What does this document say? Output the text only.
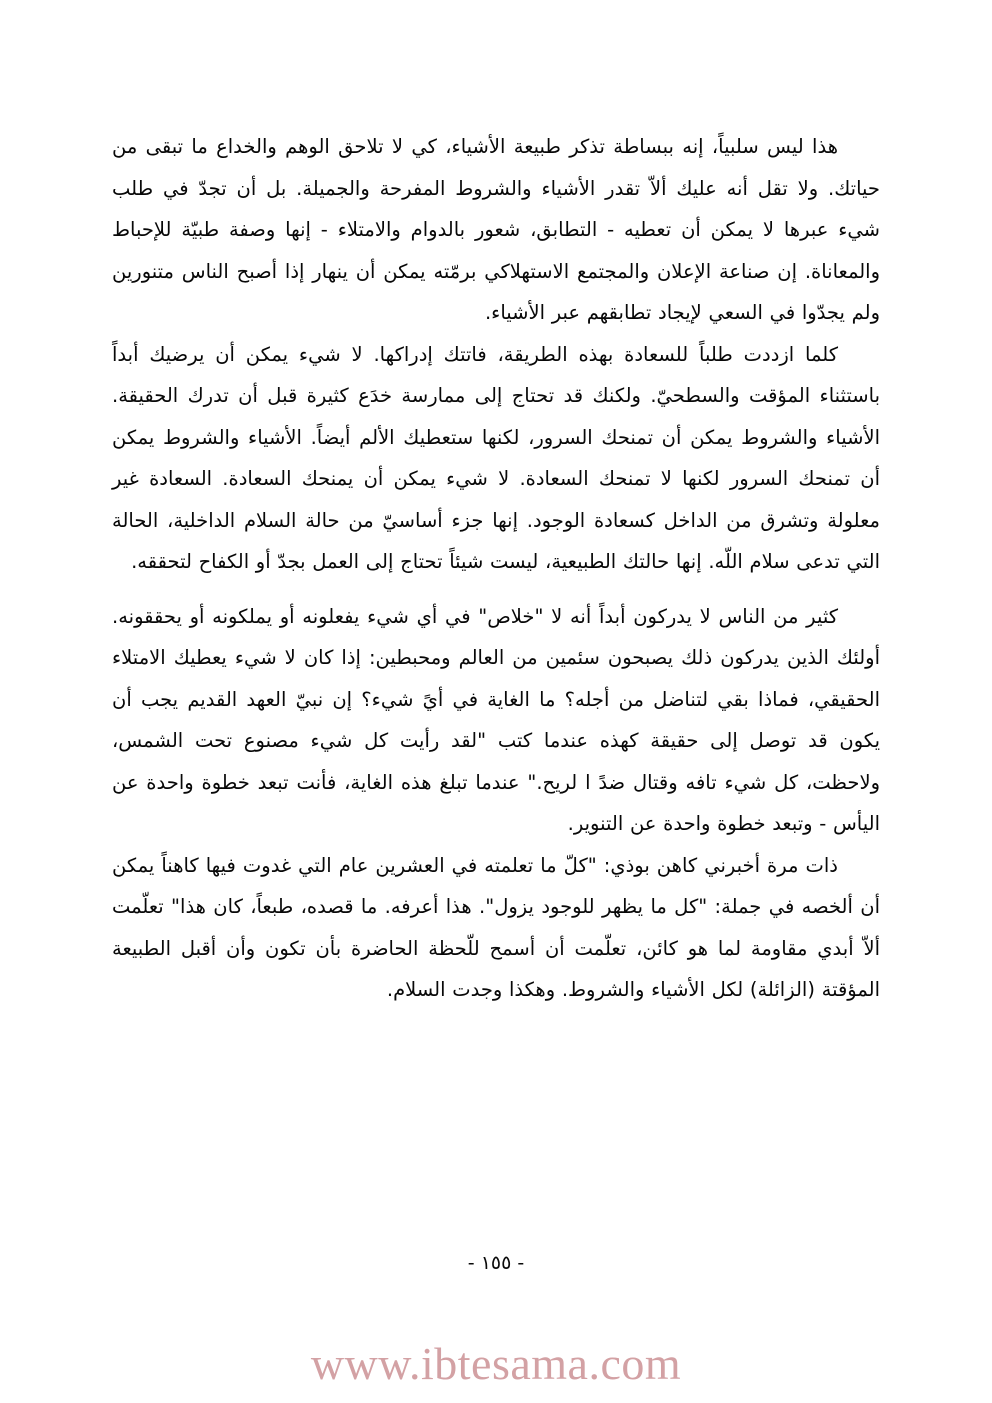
هذا ليس سلبياً، إنه ببساطة تذكر طبيعة الأشياء، كي لا تلاحق الوهم والخداع ما تبقى من حياتك. ولا تقل أنه عليك ألاّ تقدر الأشياء والشروط المفرحة والجميلة. بل أن تجدّ في طلب شيء عبرها لا يمكن أن تعطيه - التطابق، شعور بالدوام والامتلاء - إنها وصفة طبيّة للإحباط والمعاناة. إن صناعة الإعلان والمجتمع الاستهلاكي برمّته يمكن أن ينهار إذا أصبح الناس متنورين ولم يجدّوا في السعي لإيجاد تطابقهم عبر الأشياء.

كلما ازددت طلباً للسعادة بهذه الطريقة، فاتتك إدراكها. لا شيء يمكن أن يرضيك أبداً باستثناء المؤقت والسطحيّ. ولكنك قد تحتاج إلى ممارسة خدَع كثيرة قبل أن تدرك الحقيقة. الأشياء والشروط يمكن أن تمنحك السرور، لكنها ستعطيك الألم أيضاً. الأشياء والشروط يمكن أن تمنحك السرور لكنها لا تمنحك السعادة. لا شيء يمكن أن يمنحك السعادة. السعادة غير معلولة وتشرق من الداخل كسعادة الوجود. إنها جزء أساسيّ من حالة السلام الداخلية، الحالة التي تدعى سلام اللّه. إنها حالتك الطبيعية، ليست شيئاً تحتاج إلى العمل بجدّ أو الكفاح لتحققه.

كثير من الناس لا يدركون أبداً أنه لا "خلاص" في أي شيء يفعلونه أو يملكونه أو يحققونه. أولئك الذين يدركون ذلك يصبحون سئمين من العالم ومحبطين: إذا كان لا شيء يعطيك الامتلاء الحقيقي، فماذا بقي لتناضل من أجله؟ ما الغاية في أيً شيء؟ إن نبيّ العهد القديم يجب أن يكون قد توصل إلى حقيقة كهذه عندما كتب "لقد رأيت كل شيء مصنوع تحت الشمس، ولاحظت، كل شيء تافه وقتال ضدً ا لريح." عندما تبلغ هذه الغاية، فأنت تبعد خطوة واحدة عن اليأس - وتبعد خطوة واحدة عن التنوير.

ذات مرة أخبرني كاهن بوذي: "كلّ ما تعلمته في العشرين عام التي غدوت فيها كاهناً يمكن أن ألخصه في جملة: "كل ما يظهر للوجود يزول". هذا أعرفه. ما قصده، طبعاً، كان هذا" تعلّمت ألاّ أبدي مقاومة لما هو كائن، تعلّمت أن أسمح للّحظة الحاضرة بأن تكون وأن أقبل الطبيعة المؤقتة (الزائلة) لكل الأشياء والشروط. وهكذا وجدت السلام.

- ١٥٥ -
www.ibtesama.com
